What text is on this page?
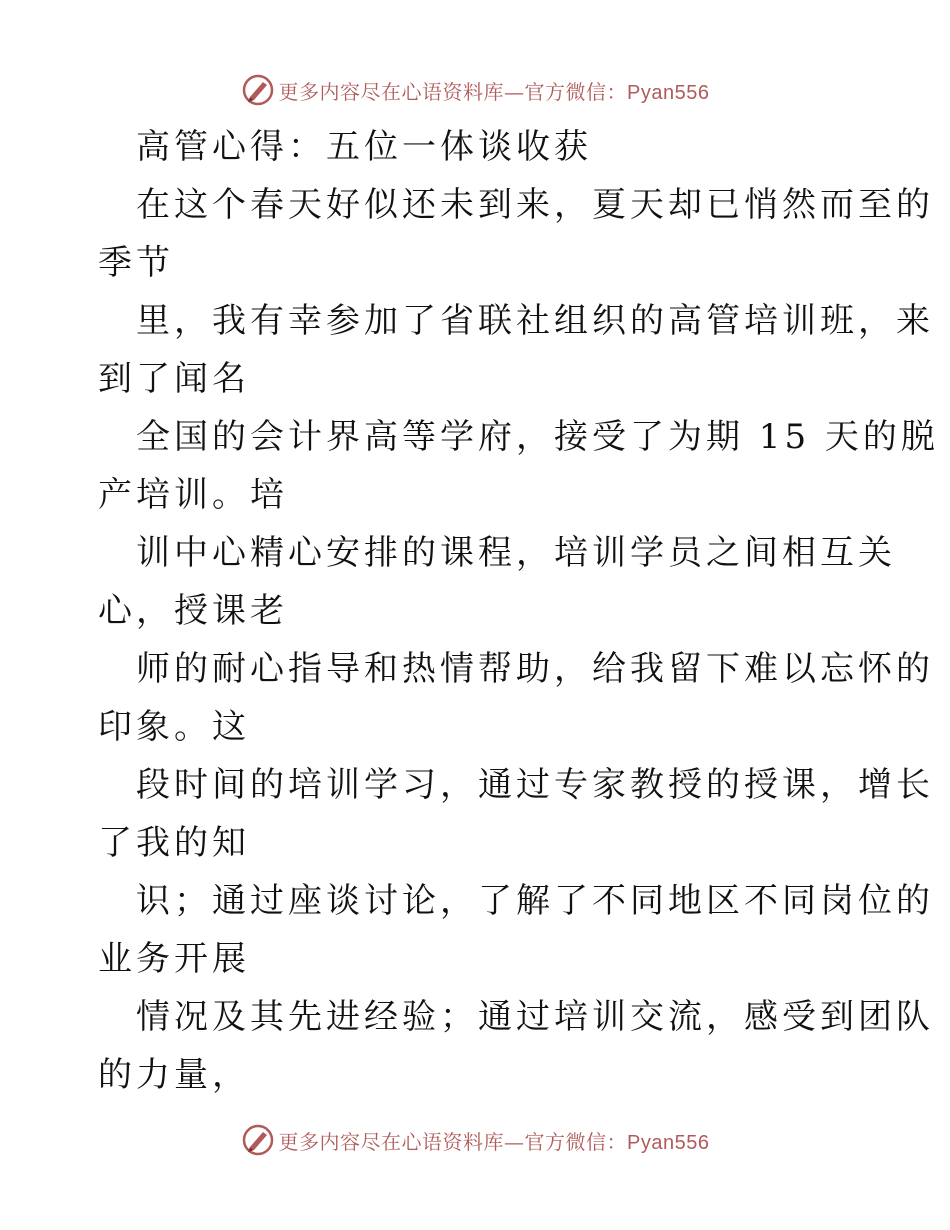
更多内容尽在心语资料库—官方微信：Pyan556
高管心得：五位一体谈收获
在这个春天好似还未到来，夏天却已悄然而至的
季节
里，我有幸参加了省联社组织的高管培训班，来
到了闻名
全国的会计界高等学府，接受了为期 15 天的脱
产培训。培
训中心精心安排的课程，培训学员之间相互关
心，授课老
师的耐心指导和热情帮助，给我留下难以忘怀的
印象。这
段时间的培训学习，通过专家教授的授课，增长
了我的知
识；通过座谈讨论，了解了不同地区不同岗位的
业务开展
情况及其先进经验；通过培训交流，感受到团队
的力量，
更多内容尽在心语资料库—官方微信：Pyan556
